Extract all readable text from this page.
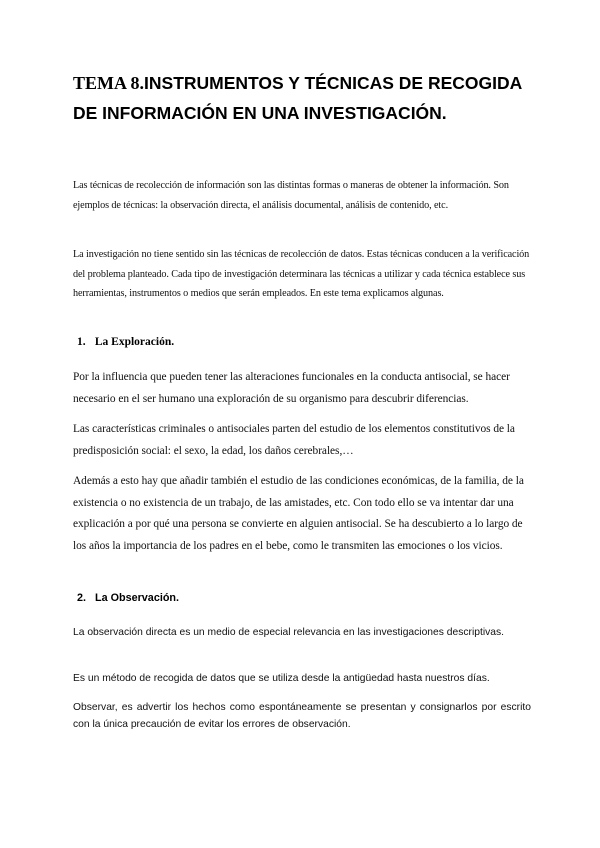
TEMA 8.INSTRUMENTOS Y TÉCNICAS DE RECOGIDA DE INFORMACIÓN EN UNA INVESTIGACIÓN.

Las técnicas de recolección de información son las distintas formas o maneras de obtener la información. Son ejemplos de técnicas: la observación directa, el análisis documental, análisis de contenido, etc.

La investigación no tiene sentido sin las técnicas de recolección de datos. Estas técnicas conducen a la verificación del problema planteado. Cada tipo de investigación determinara las técnicas a utilizar y cada técnica establece sus herramientas, instrumentos o medios que serán empleados. En este tema explicamos algunas.

1. La Exploración.

Por la influencia que pueden tener las alteraciones funcionales en la conducta antisocial, se hacer necesario en el ser humano una exploración de su organismo para descubrir diferencias.

Las características criminales o antisociales parten del estudio de los elementos constitutivos de la predisposición social: el sexo, la edad, los daños cerebrales,…

Además a esto hay que añadir también el estudio de las condiciones económicas, de la familia, de la existencia o no existencia de un trabajo, de las amistades, etc. Con todo ello se va intentar dar una explicación a por qué una persona se convierte en alguien antisocial. Se ha descubierto a lo largo de los años la importancia de los padres en el bebe, como le transmiten las emociones o los vicios.

2. La Observación.

La observación directa es un medio de especial relevancia en las investigaciones descriptivas.

Es un método de recogida de datos que se utiliza desde la antigüedad hasta nuestros días.

Observar, es advertir los hechos como espontáneamente se presentan y consignarlos por escrito con la única precaución de evitar los errores de observación.
